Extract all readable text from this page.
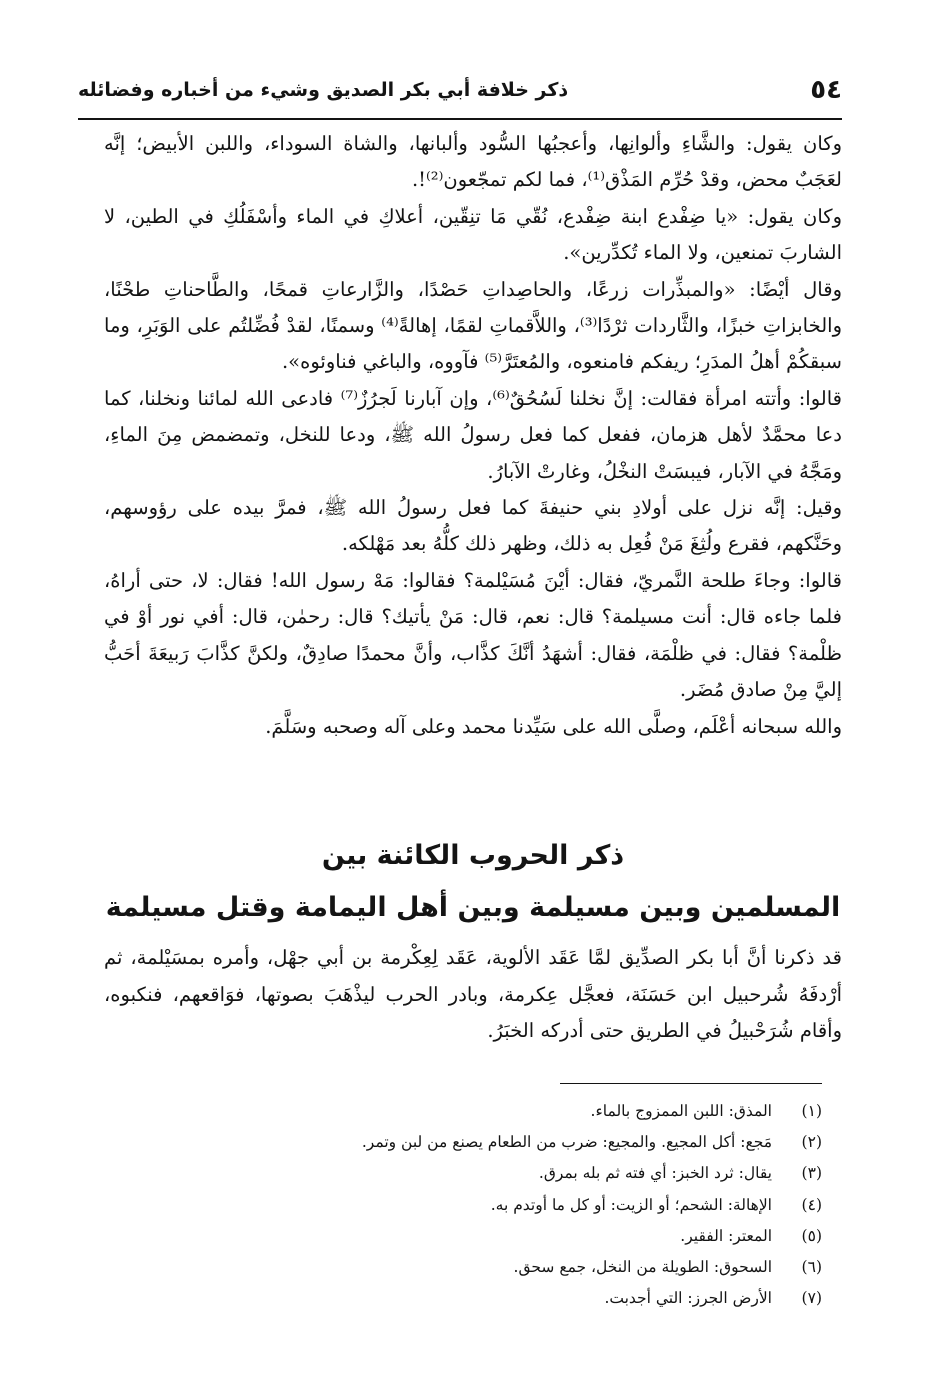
٥٤
ذكر خلافة أبي بكر الصديق وشيء من أخباره وفضائله

وكان يقول: والشَّاءِ وألوانِها، وأعجبُها السُّود وألبانها، والشاة السوداء، واللبن الأبيض؛ إنَّه لعَجَبٌ محض، وقدْ حُرِّم المَذْق⁽¹⁾، فما لكم تمجّعون⁽²⁾!.

وكان يقول: «يا ضِفْدع ابنة ضِفْدع، نُقّي مَا تنِقّين، أعلاكِ في الماء وأسْفَلُكِ في الطين، لا الشاربَ تمنعين، ولا الماء تُكدِّرين».

وقال أيْضًا: «والمبذِّرات زرعًا، والحاصِداتِ حَصْدًا، والزَّارعاتِ قمحًا، والطَّاحناتِ طحْنًا، والخابزاتِ خبزًا، والثَّاردات ثرْدًا⁽³⁾، واللاَّقماتِ لقمًا، إهالةً⁽⁴⁾ وسمنًا، لقدْ فُضِّلتُم على الوَبَرِ، وما سبقكُمْ أهلُ المدَرِ؛ ريفكم فامنعوه، والمُعتَرَّ⁽⁵⁾ فآووه، والباغي فناوئوه».

قالوا: وأتته امرأة فقالت: إنَّ نخلنا لَسُحُقٌ⁽⁶⁾، وإن آبارنا لَجرُزٌ⁽⁷⁾ فادعى الله لمائنا ونخلنا، كما دعا محمَّدٌ لأهل هزمان، ففعل كما فعل رسولُ الله ﷺ، ودعا للنخل، وتمضمض مِنَ الماءِ، ومَجَّهُ في الآبار، فيبسَتْ النخْلُ، وغارتْ الآبارُ.

وقيل: إنَّه نزل على أولادِ بني حنيفةَ كما فعل رسولُ الله ﷺ، فمرَّ بيده على رؤوسهم، وحَنَّكهم، فقرع ولُثِغَ مَنْ فُعِل به ذلك، وظهر ذلك كلُّهُ بعد مَهْلكه.

قالوا: وجاءَ طلحة النَّمريّ، فقال: أيْنَ مُسَيْلمة؟ فقالوا: مَهْ رسول الله! فقال: لا، حتى أراهُ، فلما جاءه قال: أنت مسيلمة؟ قال: نعم، قال: مَنْ يأتيك؟ قال: رحمٰن، قال: أفي نور أوْ في ظلْمة؟ فقال: في ظلْمَة، فقال: أشهَدُ أنَّكَ كذَّاب، وأنَّ محمدًا صادِقٌ، ولكنَّ كذَّابَ رَبيعَةَ أحَبُّ إليَّ مِنْ صادق مُضَر.

والله سبحانه أعْلَم، وصلَّى الله على سَيِّدنا محمد وعلى آله وصحبه وسَلَّمَ.

ذكر الحروب الكائنة بين

المسلمين وبين مسيلمة وبين أهل اليمامة وقتل مسيلمة

قد ذكرنا أنَّ أبا بكر الصدِّيق لمَّا عَقَد الألوية، عَقَد لِعِكْرمة بن أبي جهْل، وأمره بمسَيْلمة، ثم أرْدفَهُ شُرحبيل ابن حَسَنَة، فعجَّل عِكرمة، وبادر الحرب ليذْهَبَ بصوتها، فوَاقعهم، فنكبوه، وأقام شُرَحْبيلُ في الطريق حتى أدركه الخبَرُ.

(١)
المذق: اللبن الممزوج بالماء.
(٢)
مَجع: أكل المجيع. والمجيع: ضرب من الطعام يصنع من لبن وتمر.
(٣)
يقال: ثرد الخبز: أي فته ثم بله بمرق.
(٤)
الإهالة: الشحم؛ أو الزيت: أو كل ما أوتدم به.
(٥)
المعتر: الفقير.
(٦)
السحوق: الطويلة من النخل، جمع سحق.
(٧)
الأرض الجرز: التي أجدبت.
